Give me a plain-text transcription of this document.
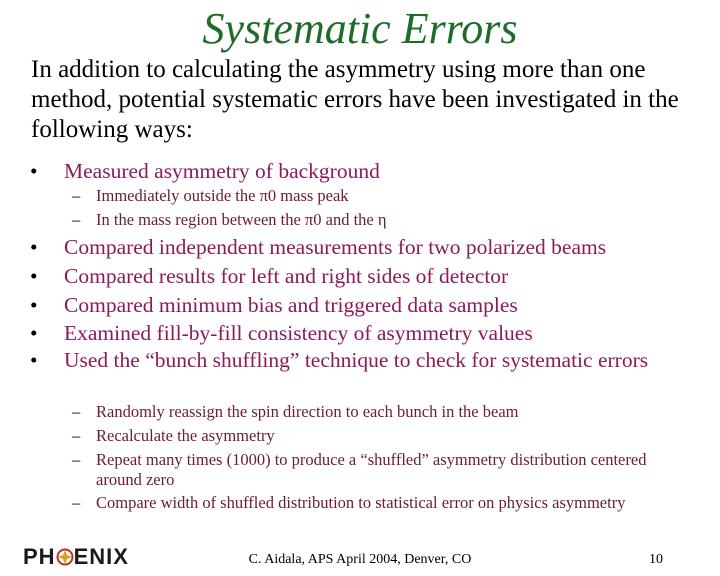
Systematic Errors
In addition to calculating the asymmetry using more than one method, potential systematic errors have been investigated in the following ways:
•	Measured asymmetry of background
– Immediately outside the π0 mass peak
– In the mass region between the π0 and the η
•	Compared independent measurements for two polarized beams
•	Compared results for left and right sides of detector
•	Compared minimum bias and triggered data samples
•	Examined fill-by-fill consistency of asymmetry values
•	Used the “bunch shuffling” technique to check for systematic errors
– Randomly reassign the spin direction to each bunch in the beam
– Recalculate the asymmetry
– Repeat many times (1000) to produce a “shuffled” asymmetry distribution centered around zero
– Compare width of shuffled distribution to statistical error on physics asymmetry
PH ENIX	C. Aidala, APS April 2004, Denver, CO	10
